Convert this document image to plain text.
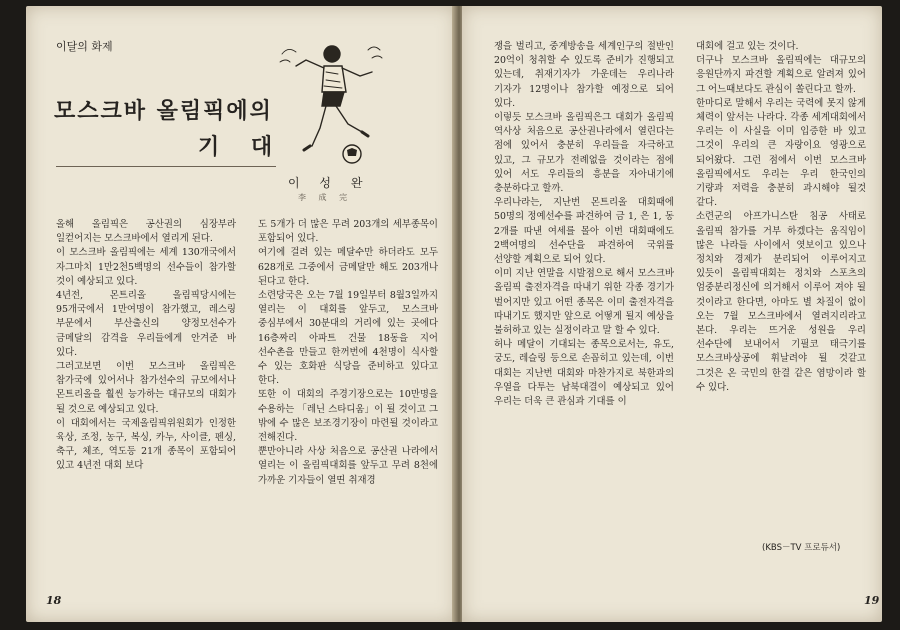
이달의 화제
모스크바 올림픽에의
기 대
이 성 완
李 成 完
올해 올림픽은 공산권의 심장부라 일컫어지는 모스크바에서 열리게 된다.
이 모스크바 올림픽에는 세계 130개국에서 자그마치 1만2천5백명의 선수들이 참가할 것이 예상되고 있다.
4년전, 몬트리올 올림픽당시에는 95개국에서 1만여명이 참가했고, 레스링 부문에서 부산출신의 양정모선수가 금메달의 감격을 우리들에게 안겨준 바 있다.
그러고보면 이번 모스크바 올림픽은 참가국에 있어서나 참가선수의 규모에서나 몬트리올을 훨씬 능가하는 대규모의 대회가 될 것으로 예상되고 있다.
이 대회에서는 국제올림픽위원회가 인정한 육상, 조정, 농구, 복싱, 카누, 사이클, 펜싱, 축구, 체조, 역도등 21개 종목이 포함되어 있고 4년전 대회 보다
도 5개가 더 많은 무려 203개의 세부종목이 포함되어 있다.
여기에 걸려 있는 메달수만 하더라도 모두 628개로 그중에서 금메달만 해도 203개나 된다고 한다.
소련당국은 오는 7월 19일부터 8월3일까지 열리는 이 대회를 앞두고, 모스크바 중심부에서 30분대의 거리에 있는 곳에다 16층짜리 아파트 건물 18동을 지어 선수촌을 만들고 한꺼번에 4천명이 식사할 수 있는 호화판 식당을 준비하고 있다고 한다.
또한 이 대회의 주경기장으로는 10만명을 수용하는 「레닌 스타디움」이 될 것이고 그 밖에 수 많은 보조경기장이 마련될 것이라고 전해진다.
뿐만아니라 사상 처음으로 공산권 나라에서 열리는 이 올림픽대회를 앞두고 무려 8천에 가까운 기자들이 열띤 취재경
18
쟁을 벌리고, 중계방송을 세계인구의 절반인 20억이 청취할 수 있도록 준비가 진행되고 있는데, 취재기자가 가운데는 우리나라 기자가 12명이나 참가할 예정으로 되어 있다.
이렇듯 모스크바 올림픽은그 대회가 올림픽 역사상 처음으로 공산권나라에서 열린다는 점에 있어서 충분히 우리들을 자극하고 있고, 그 규모가 전례없을 것이라는 점에 있어 서도 우리들의 흥분을 자아내기에 충분하다고 할까.
우리나라는, 지난번 몬트리올 대회때에 50명의 정예선수를 파견하여 금 1, 은 1, 동 2개를 따낸 여세를 몰아 이번 대회때에도 2백여명의 선수단을 파견하여 국위를 선양할 계획으로 되어 있다.
이미 지난 연말을 시발점으로 해서 모스크바 올림픽 출전자격을 따내기 위한 각종 경기가 벌어지만 있고 어떤 종목은 이미 출전자격을 따내기도 했지만 앞으로 어떻게 될지 예상을 불허하고 있는 실정이라고 말 할 수 있다.
허나 메달이 기대되는 종목으로서는, 유도, 궁도, 레슬링 등으로 손꼽히고 있는데, 이번 대회는 지난번 대회와 마찬가지로 북한과의 우열을 다투는 남북대결이 예상되고 있어 우리는 더욱 큰 관심과 기대를 이
대회에 걸고 있는 것이다.
더구나 모스크바 올림픽에는 대규모의 응원단까지 파견할 계획으로 알려져 있어 그 어느때보다도 관심이 쏠린다고 할까.
한마디로 말해서 우리는 국력에 못지 않게 체력이 앞서는 나라다. 각종 세계대회에서 우리는 이 사실을 이미 입증한 바 있고 그것이 우리의 큰 자랑이요 영광으로 되어왔다. 그런 점에서 이번 모스크바 올림픽에서도 우리는 우리 한국인의 기량과 저력을 충분히 과시해야 될것 같다.
소련군의 아프가니스탄 침공 사태로 올림픽 참가를 거부 하겠다는 움직임이 많은 나라들 사이에서 엿보이고 있으나 정치와 경제가 분리되어 이루어지고 있듯이 올림픽대회는 정치와 스포츠의 엄중분리정신에 의거해서 이루어 져야 될 것이라고 한다면, 아마도 별 차질이 없이 오는 7월 모스크바에서 열려지리라고 본다. 우리는 뜨거운 성원을 우리 선수단에 보내어서 기필코 태극기를 모스크바상공에 휘날려야 될 것같고 그것은 온 국민의 한결 같은 염망이라 할 수 있다.
(KBS－TV 프로듀서)
19
